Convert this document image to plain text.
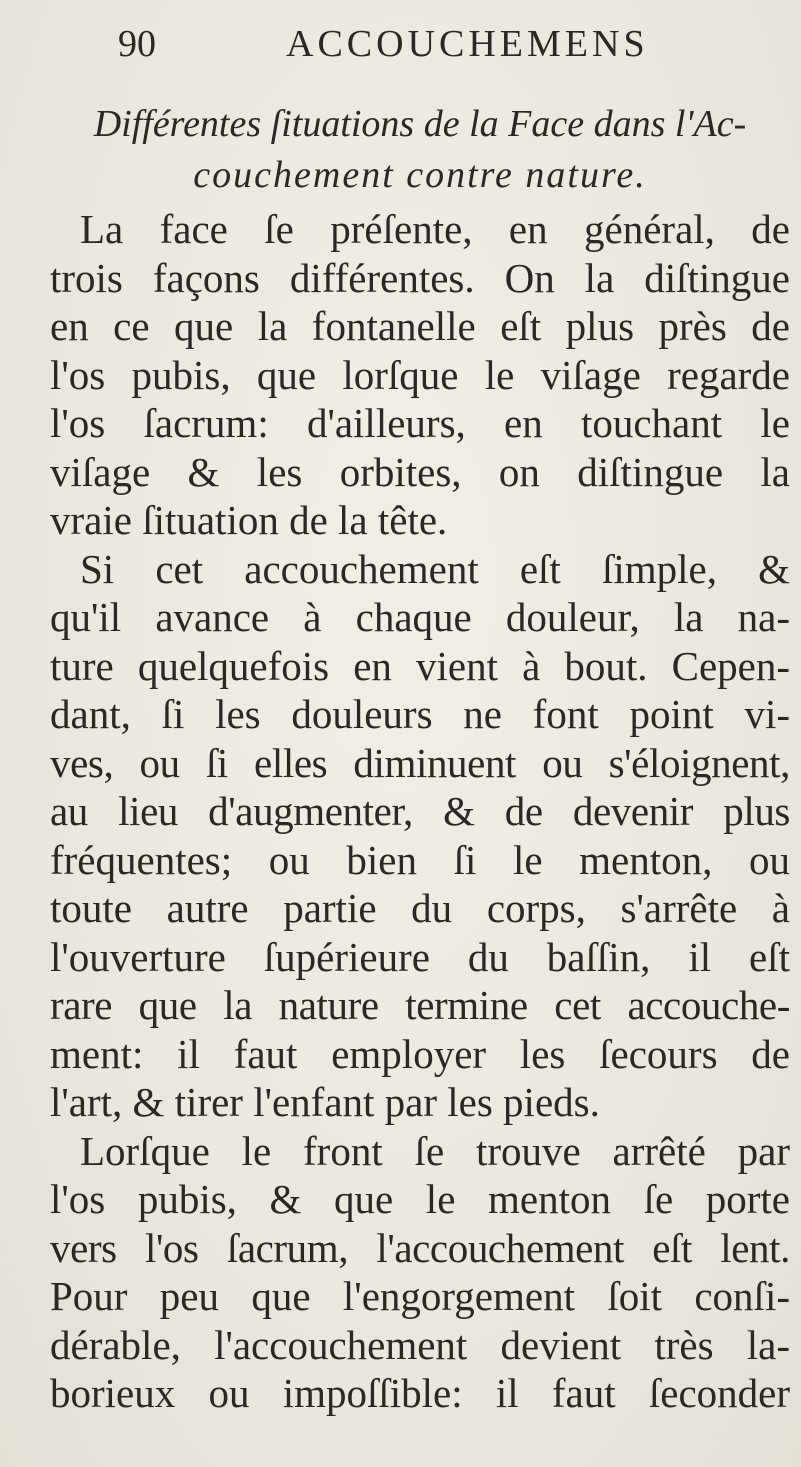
90	ACCOUCHEMENS
Différentes ſituations de la Face dans l'Ac-
couchement contre nature.
La face ſe préſente, en général, de
trois façons différentes. On la diſtingue
en ce que la fontanelle eſt plus près de
l'os pubis, que lorſque le viſage regarde
l'os ſacrum: d'ailleurs, en touchant le
viſage & les orbites, on diſtingue la
vraie ſituation de la tête.
Si cet accouchement eſt ſimple, &
qu'il avance à chaque douleur, la na-
ture quelquefois en vient à bout. Cepen-
dant, ſi les douleurs ne font point vi-
ves, ou ſi elles diminuent ou s'éloignent,
au lieu d'augmenter, & de devenir plus
fréquentes; ou bien ſi le menton, ou
toute autre partie du corps, s'arrête à
l'ouverture ſupérieure du baſſin, il eſt
rare que la nature termine cet accouche-
ment: il faut employer les ſecours de
l'art, & tirer l'enfant par les pieds.
Lorſque le front ſe trouve arrêté par
l'os pubis, & que le menton ſe porte
vers l'os ſacrum, l'accouchement eſt lent.
Pour peu que l'engorgement ſoit conſi-
dérable, l'accouchement devient très la-
borieux ou impoſſible: il faut ſeconder
